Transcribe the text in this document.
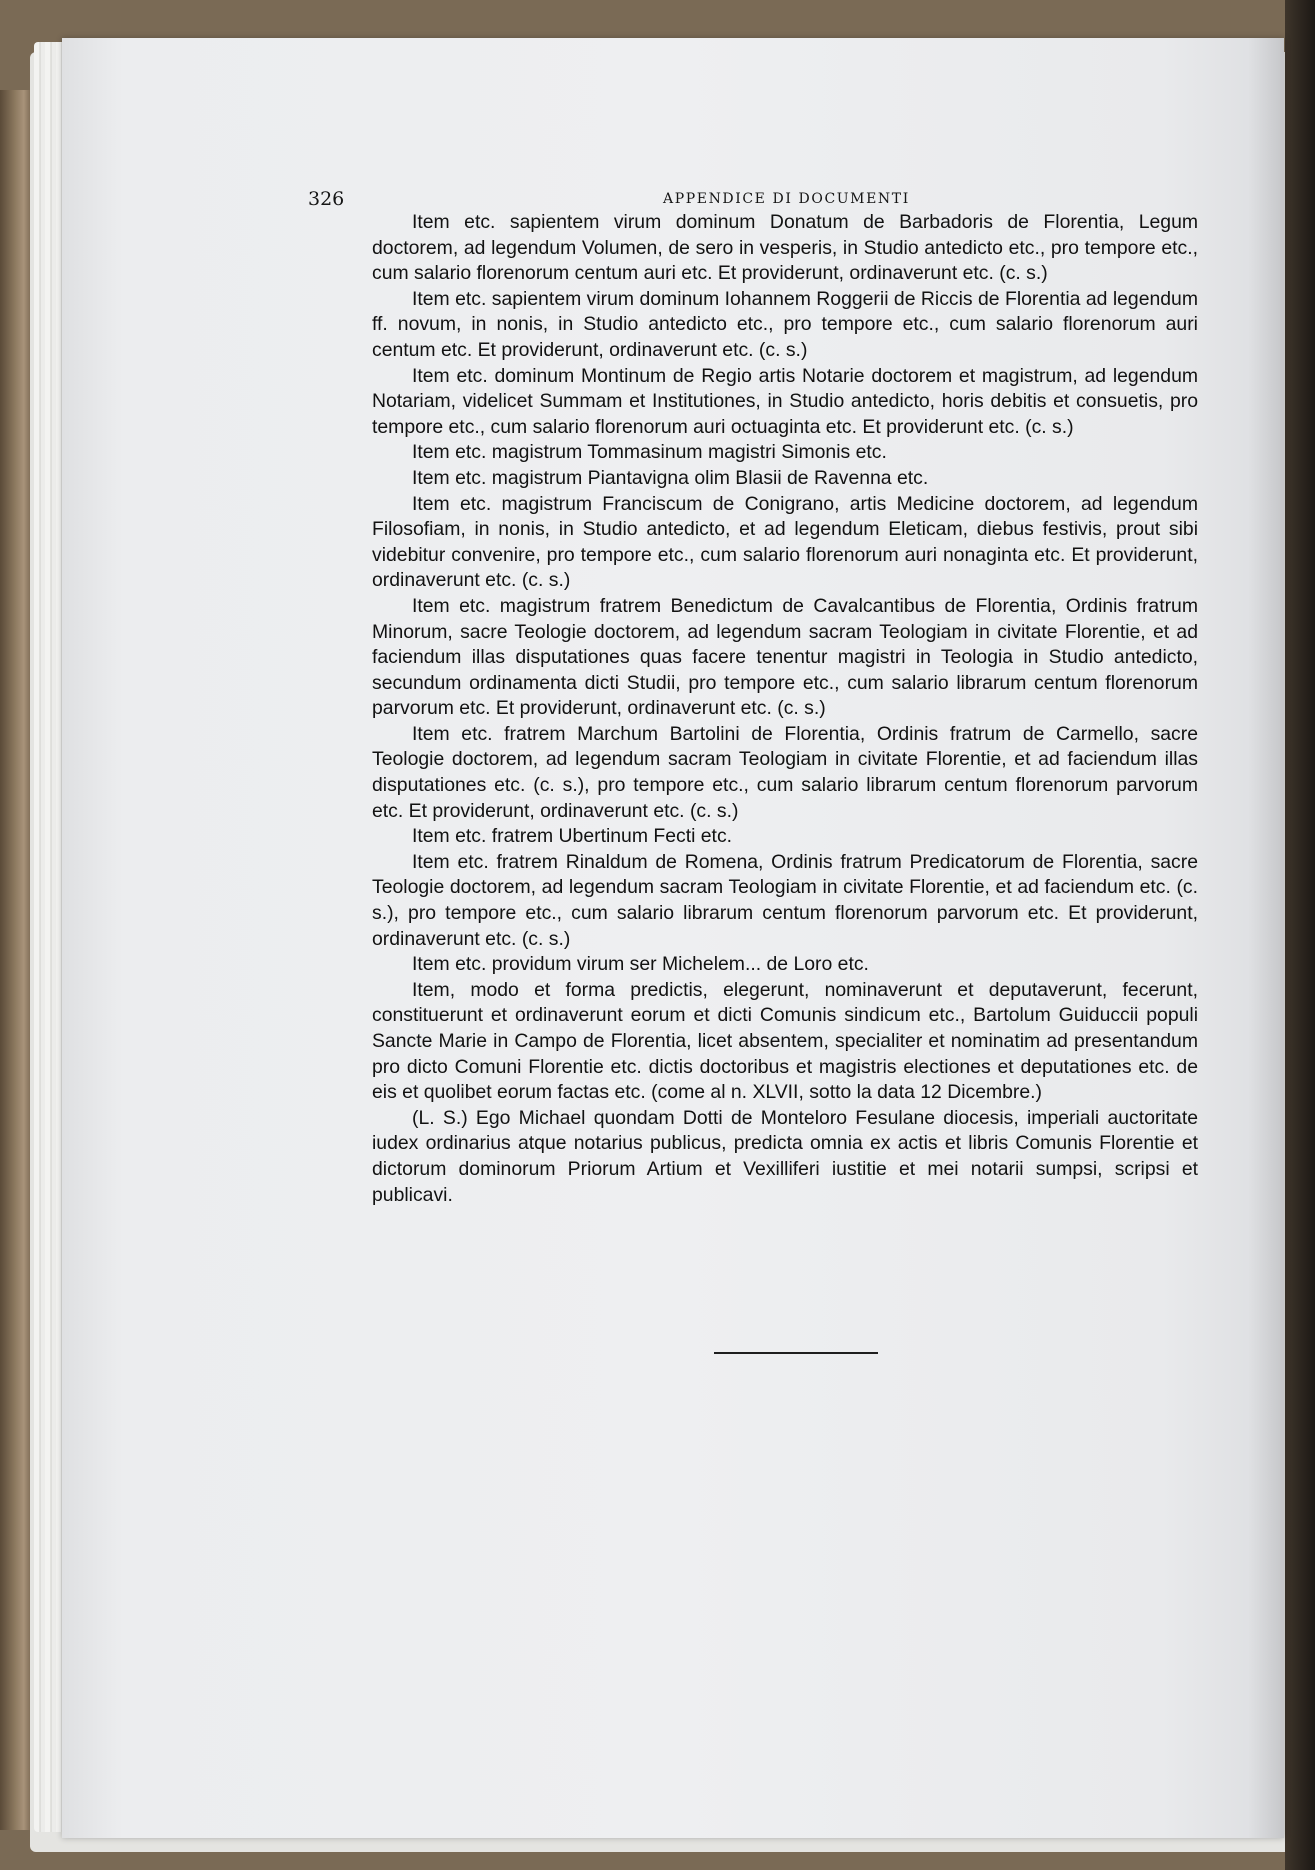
326	APPENDICE DI DOCUMENTI

Item etc. sapientem virum dominum Donatum de Barbadoris de Florentia, Legum doctorem, ad legendum Volumen, de sero in vesperis, in Studio antedicto etc., pro tempore etc., cum salario florenorum centum auri etc. Et providerunt, ordinaverunt etc. (c. s.)

Item etc. sapientem virum dominum Iohannem Roggerii de Riccis de Florentia ad legendum ff. novum, in nonis, in Studio antedicto etc., pro tempore etc., cum salario florenorum auri centum etc. Et providerunt, ordinaverunt etc. (c. s.)

Item etc. dominum Montinum de Regio artis Notarie doctorem et magistrum, ad legendum Notariam, videlicet Summam et Institutiones, in Studio antedicto, horis debitis et consuetis, pro tempore etc., cum salario florenorum auri octuaginta etc. Et providerunt etc. (c. s.)

Item etc. magistrum Tommasinum magistri Simonis etc.

Item etc. magistrum Piantavigna olim Blasii de Ravenna etc.

Item etc. magistrum Franciscum de Conigrano, artis Medicine doctorem, ad legendum Filosofiam, in nonis, in Studio antedicto, et ad legendum Eleticam, diebus festivis, prout sibi videbitur convenire, pro tempore etc., cum salario florenorum auri nonaginta etc. Et providerunt, ordinaverunt etc. (c. s.)

Item etc. magistrum fratrem Benedictum de Cavalcantibus de Florentia, Ordinis fratrum Minorum, sacre Teologie doctorem, ad legendum sacram Teologiam in civitate Florentie, et ad faciendum illas disputationes quas facere tenentur magistri in Teologia in Studio antedicto, secundum ordinamenta dicti Studii, pro tempore etc., cum salario librarum centum florenorum parvorum etc. Et providerunt, ordinaverunt etc. (c. s.)

Item etc. fratrem Marchum Bartolini de Florentia, Ordinis fratrum de Carmello, sacre Teologie doctorem, ad legendum sacram Teologiam in civitate Florentie, et ad faciendum illas disputationes etc. (c. s.), pro tempore etc., cum salario librarum centum florenorum parvorum etc. Et providerunt, ordinaverunt etc. (c. s.)

Item etc. fratrem Ubertinum Fecti etc.

Item etc. fratrem Rinaldum de Romena, Ordinis fratrum Predicatorum de Florentia, sacre Teologie doctorem, ad legendum sacram Teologiam in civitate Florentie, et ad faciendum etc. (c. s.), pro tempore etc., cum salario librarum centum florenorum parvorum etc. Et providerunt, ordinaverunt etc. (c. s.)

Item etc. providum virum ser Michelem... de Loro etc.

Item, modo et forma predictis, elegerunt, nominaverunt et deputaverunt, fecerunt, constituerunt et ordinaverunt eorum et dicti Comunis sindicum etc., Bartolum Guiduccii populi Sancte Marie in Campo de Florentia, licet absentem, specialiter et nominatim ad presentandum pro dicto Comuni Florentie etc. dictis doctoribus et magistris electiones et deputationes etc. de eis et quolibet eorum factas etc. (come al n. XLVII, sotto la data 12 Dicembre.)

(L. S.) Ego Michael quondam Dotti de Monteloro Fesulane diocesis, imperiali auctoritate iudex ordinarius atque notarius publicus, predicta omnia ex actis et libris Comunis Florentie et dictorum dominorum Priorum Artium et Vexilliferi iustitie et mei notarii sumpsi, scripsi et publicavi.
